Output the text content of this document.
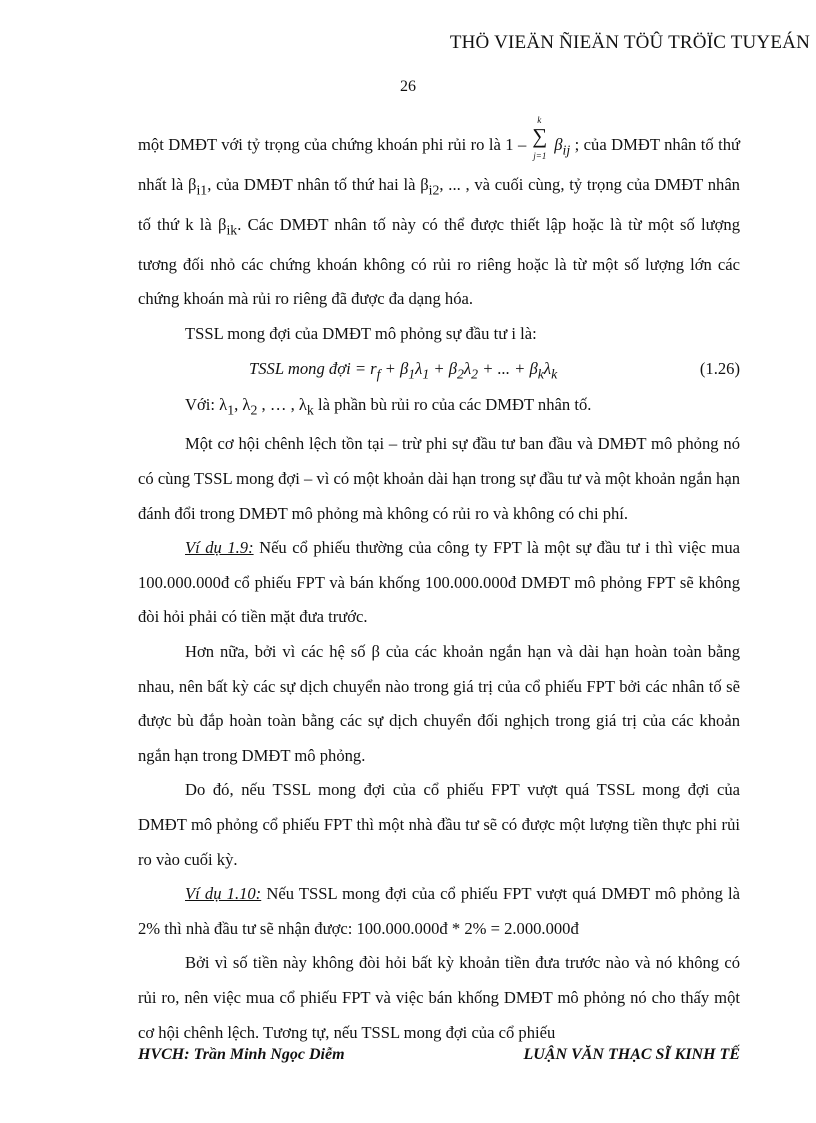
THÖ VIEÄN ÑIEÄN TÖÛ TRÖÏC TUYEÁN
26

một DMĐT với tỷ trọng của chứng khoán phi rủi ro là 1 –
k
∑
j=1
$\beta_{ij}$ ; của DMĐT nhân tố thứ nhất là $\beta_{i1}$, của DMĐT nhân tố thứ hai là $\beta_{i2}$, ... , và cuối cùng, tỷ trọng của DMĐT nhân tố thứ k là $\beta_{ik}$. Các DMĐT nhân tố này có thể được thiết lập hoặc là từ một số lượng tương đối nhỏ các chứng khoán không có rủi ro riêng hoặc là từ một số lượng lớn các chứng khoán mà rủi ro riêng đã được đa dạng hóa.

TSSL mong đợi của DMĐT mô phỏng sự đầu tư i là:

TSSL mong đợi = $r_f + \beta_1\lambda_1 + \beta_2\lambda_2$ + ... + $\beta_k\lambda_k$	(1.26)

Với: $\lambda_1$, $\lambda_2$ , … , $\lambda_k$ là phần bù rủi ro của các DMĐT nhân tố.

Một cơ hội chênh lệch tồn tại – trừ phi sự đầu tư ban đầu và DMĐT mô phỏng nó có cùng TSSL mong đợi – vì có một khoản dài hạn trong sự đầu tư và một khoản ngắn hạn đánh đổi trong DMĐT mô phỏng mà không có rủi ro và không có chi phí.

Ví dụ 1.9: Nếu cổ phiếu thường của công ty FPT là một sự đầu tư i thì việc mua 100.000.000đ cổ phiếu FPT và bán khống 100.000.000đ DMĐT mô phỏng FPT sẽ không đòi hỏi phải có tiền mặt đưa trước.

Hơn nữa, bởi vì các hệ số β của các khoản ngắn hạn và dài hạn hoàn toàn bằng nhau, nên bất kỳ các sự dịch chuyển nào trong giá trị của cổ phiếu FPT bởi các nhân tố sẽ được bù đắp hoàn toàn bằng các sự dịch chuyển đối nghịch trong giá trị của các khoản ngắn hạn trong DMĐT mô phỏng.

Do đó, nếu TSSL mong đợi của cổ phiếu FPT vượt quá TSSL mong đợi của DMĐT mô phỏng cổ phiếu FPT thì một nhà đầu tư sẽ có được một lượng tiền thực phi rủi ro vào cuối kỳ.

Ví dụ 1.10: Nếu TSSL mong đợi của cổ phiếu FPT vượt quá DMĐT mô phỏng là 2% thì nhà đầu tư sẽ nhận được: 100.000.000đ * 2% = 2.000.000đ

Bởi vì số tiền này không đòi hỏi bất kỳ khoản tiền đưa trước nào và nó không có rủi ro, nên việc mua cổ phiếu FPT và việc bán khống DMĐT mô phỏng nó cho thấy một cơ hội chênh lệch. Tương tự, nếu TSSL mong đợi của cổ phiếu

HVCH: Trần Minh Ngọc Diễm	LUẬN VĂN THẠC SĨ KINH TẾ
